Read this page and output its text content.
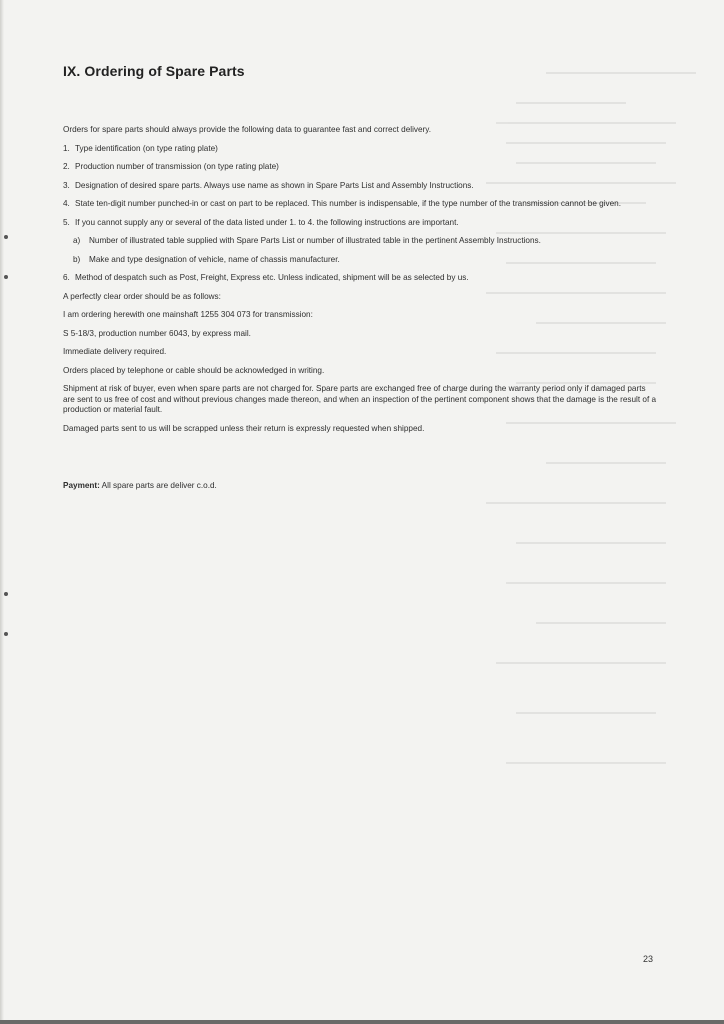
IX. Ordering of Spare Parts

Orders for spare parts should always provide the following data to guarantee fast and correct delivery.

1. Type identification (on type rating plate)
2. Production number of transmission (on type rating plate)
3. Designation of desired spare parts. Always use name as shown in Spare Parts List and Assembly Instructions.
4. State ten-digit number punched-in or cast on part to be replaced. This number is indispensable, if the type number of the transmission cannot be given.
5. If you cannot supply any or several of the data listed under 1. to 4. the following instructions are important.
a)	Number of illustrated table supplied with Spare Parts List or number of illustrated table in the pertinent Assembly Instructions.
b)	Make and type designation of vehicle, name of chassis manufacturer.
6. Method of despatch such as Post, Freight, Express etc. Unless indicated, shipment will be as selected by us.

A perfectly clear order should be as follows:

I am ordering herewith one mainshaft 1255 304 073 for transmission:

S 5-18/3, production number 6043, by express mail.

Immediate delivery required.

Orders placed by telephone or cable should be acknowledged in writing.

Shipment at risk of buyer, even when spare parts are not charged for. Spare parts are exchanged free of charge during the warranty period only if damaged parts are sent to us free of cost and without previous changes made thereon, and when an inspection of the pertinent component shows that the damage is the result of a production or material fault.

Damaged parts sent to us will be scrapped unless their return is expressly requested when shipped.

Payment: All spare parts are deliver c.o.d.
23
